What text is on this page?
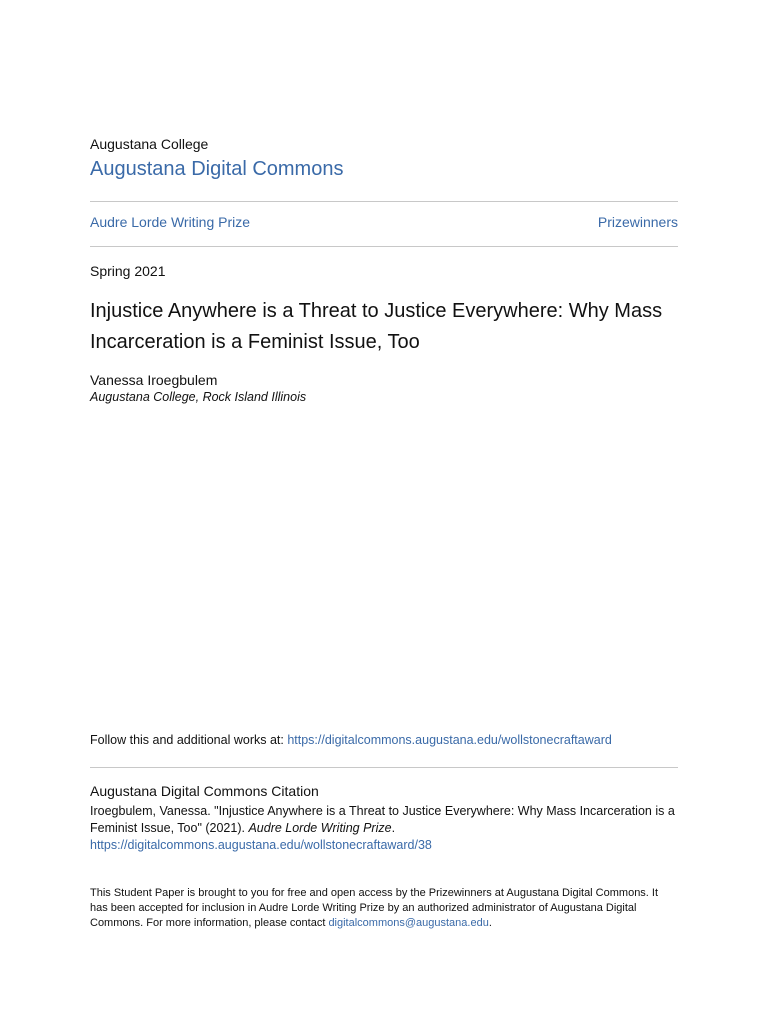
Augustana College
Augustana Digital Commons
Audre Lorde Writing Prize	Prizewinners
Spring 2021
Injustice Anywhere is a Threat to Justice Everywhere: Why Mass Incarceration is a Feminist Issue, Too
Vanessa Iroegbulem
Augustana College, Rock Island Illinois
Follow this and additional works at: https://digitalcommons.augustana.edu/wollstonecraftaward
Augustana Digital Commons Citation
Iroegbulem, Vanessa. "Injustice Anywhere is a Threat to Justice Everywhere: Why Mass Incarceration is a Feminist Issue, Too" (2021). Audre Lorde Writing Prize.
https://digitalcommons.augustana.edu/wollstonecraftaward/38
This Student Paper is brought to you for free and open access by the Prizewinners at Augustana Digital Commons. It has been accepted for inclusion in Audre Lorde Writing Prize by an authorized administrator of Augustana Digital Commons. For more information, please contact digitalcommons@augustana.edu.
